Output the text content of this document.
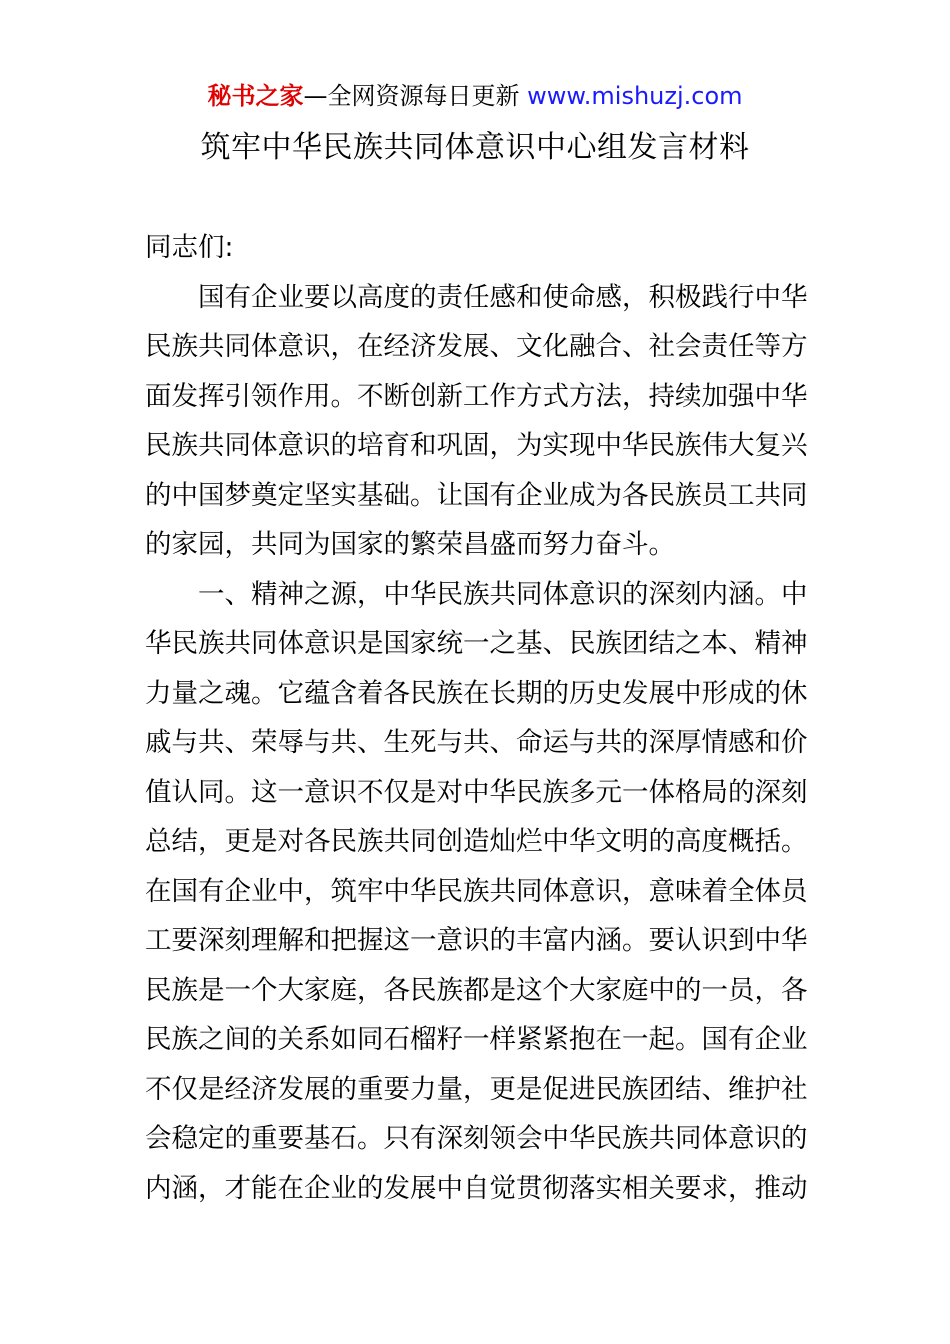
秘书之家—全网资源每日更新 www.mishuzj.com
筑牢中华民族共同体意识中心组发言材料
同志们:
国有企业要以高度的责任感和使命感，积极践行中华
民族共同体意识，在经济发展、文化融合、社会责任等方
面发挥引领作用。不断创新工作方式方法，持续加强中华
民族共同体意识的培育和巩固，为实现中华民族伟大复兴
的中国梦奠定坚实基础。让国有企业成为各民族员工共同
的家园，共同为国家的繁荣昌盛而努力奋斗。
一、精神之源，中华民族共同体意识的深刻内涵。中
华民族共同体意识是国家统一之基、民族团结之本、精神
力量之魂。它蕴含着各民族在长期的历史发展中形成的休
戚与共、荣辱与共、生死与共、命运与共的深厚情感和价
值认同。这一意识不仅是对中华民族多元一体格局的深刻
总结，更是对各民族共同创造灿烂中华文明的高度概括。
在国有企业中，筑牢中华民族共同体意识，意味着全体员
工要深刻理解和把握这一意识的丰富内涵。要认识到中华
民族是一个大家庭，各民族都是这个大家庭中的一员，各
民族之间的关系如同石榴籽一样紧紧抱在一起。国有企业
不仅是经济发展的重要力量，更是促进民族团结、维护社
会稳定的重要基石。只有深刻领会中华民族共同体意识的
内涵，才能在企业的发展中自觉贯彻落实相关要求，推动
